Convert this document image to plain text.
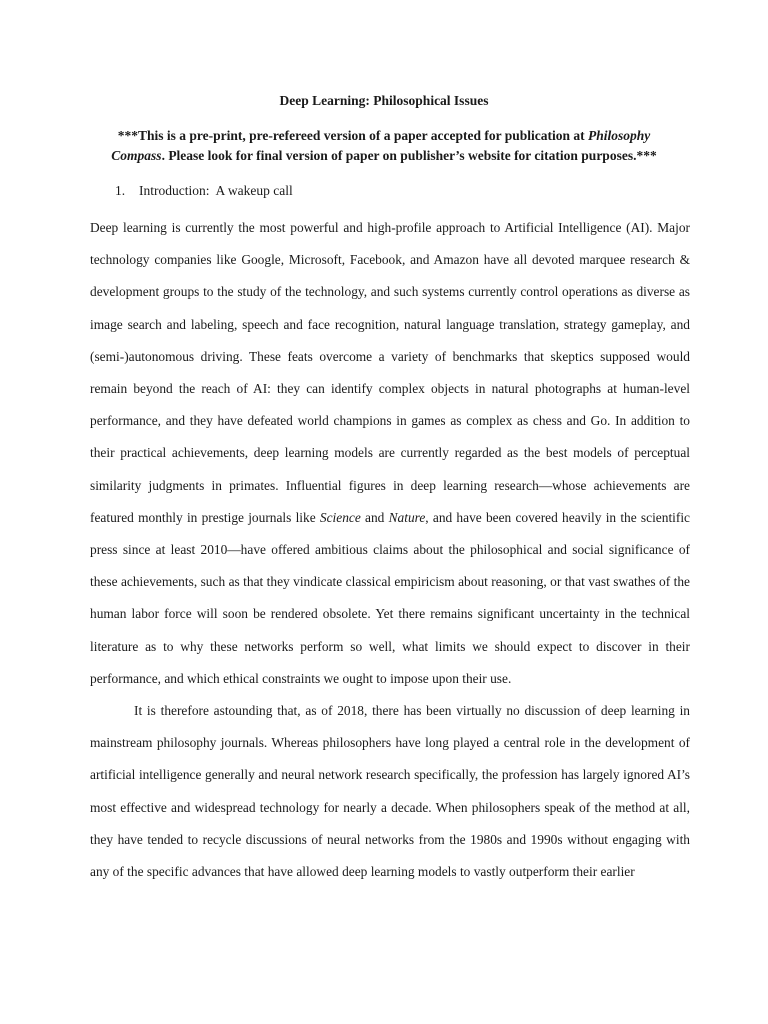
Deep Learning: Philosophical Issues
***This is a pre-print, pre-refereed version of a paper accepted for publication at Philosophy Compass. Please look for final version of paper on publisher’s website for citation purposes.***
1. Introduction:  A wakeup call

Deep learning is currently the most powerful and high-profile approach to Artificial Intelligence (AI). Major technology companies like Google, Microsoft, Facebook, and Amazon have all devoted marquee research & development groups to the study of the technology, and such systems currently control operations as diverse as image search and labeling, speech and face recognition, natural language translation, strategy gameplay, and (semi-)autonomous driving. These feats overcome a variety of benchmarks that skeptics supposed would remain beyond the reach of AI: they can identify complex objects in natural photographs at human-level performance, and they have defeated world champions in games as complex as chess and Go. In addition to their practical achievements, deep learning models are currently regarded as the best models of perceptual similarity judgments in primates. Influential figures in deep learning research—whose achievements are featured monthly in prestige journals like Science and Nature, and have been covered heavily in the scientific press since at least 2010—have offered ambitious claims about the philosophical and social significance of these achievements, such as that they vindicate classical empiricism about reasoning, or that vast swathes of the human labor force will soon be rendered obsolete. Yet there remains significant uncertainty in the technical literature as to why these networks perform so well, what limits we should expect to discover in their performance, and which ethical constraints we ought to impose upon their use.

It is therefore astounding that, as of 2018, there has been virtually no discussion of deep learning in mainstream philosophy journals. Whereas philosophers have long played a central role in the development of artificial intelligence generally and neural network research specifically, the profession has largely ignored AI’s most effective and widespread technology for nearly a decade. When philosophers speak of the method at all, they have tended to recycle discussions of neural networks from the 1980s and 1990s without engaging with any of the specific advances that have allowed deep learning models to vastly outperform their earlier
